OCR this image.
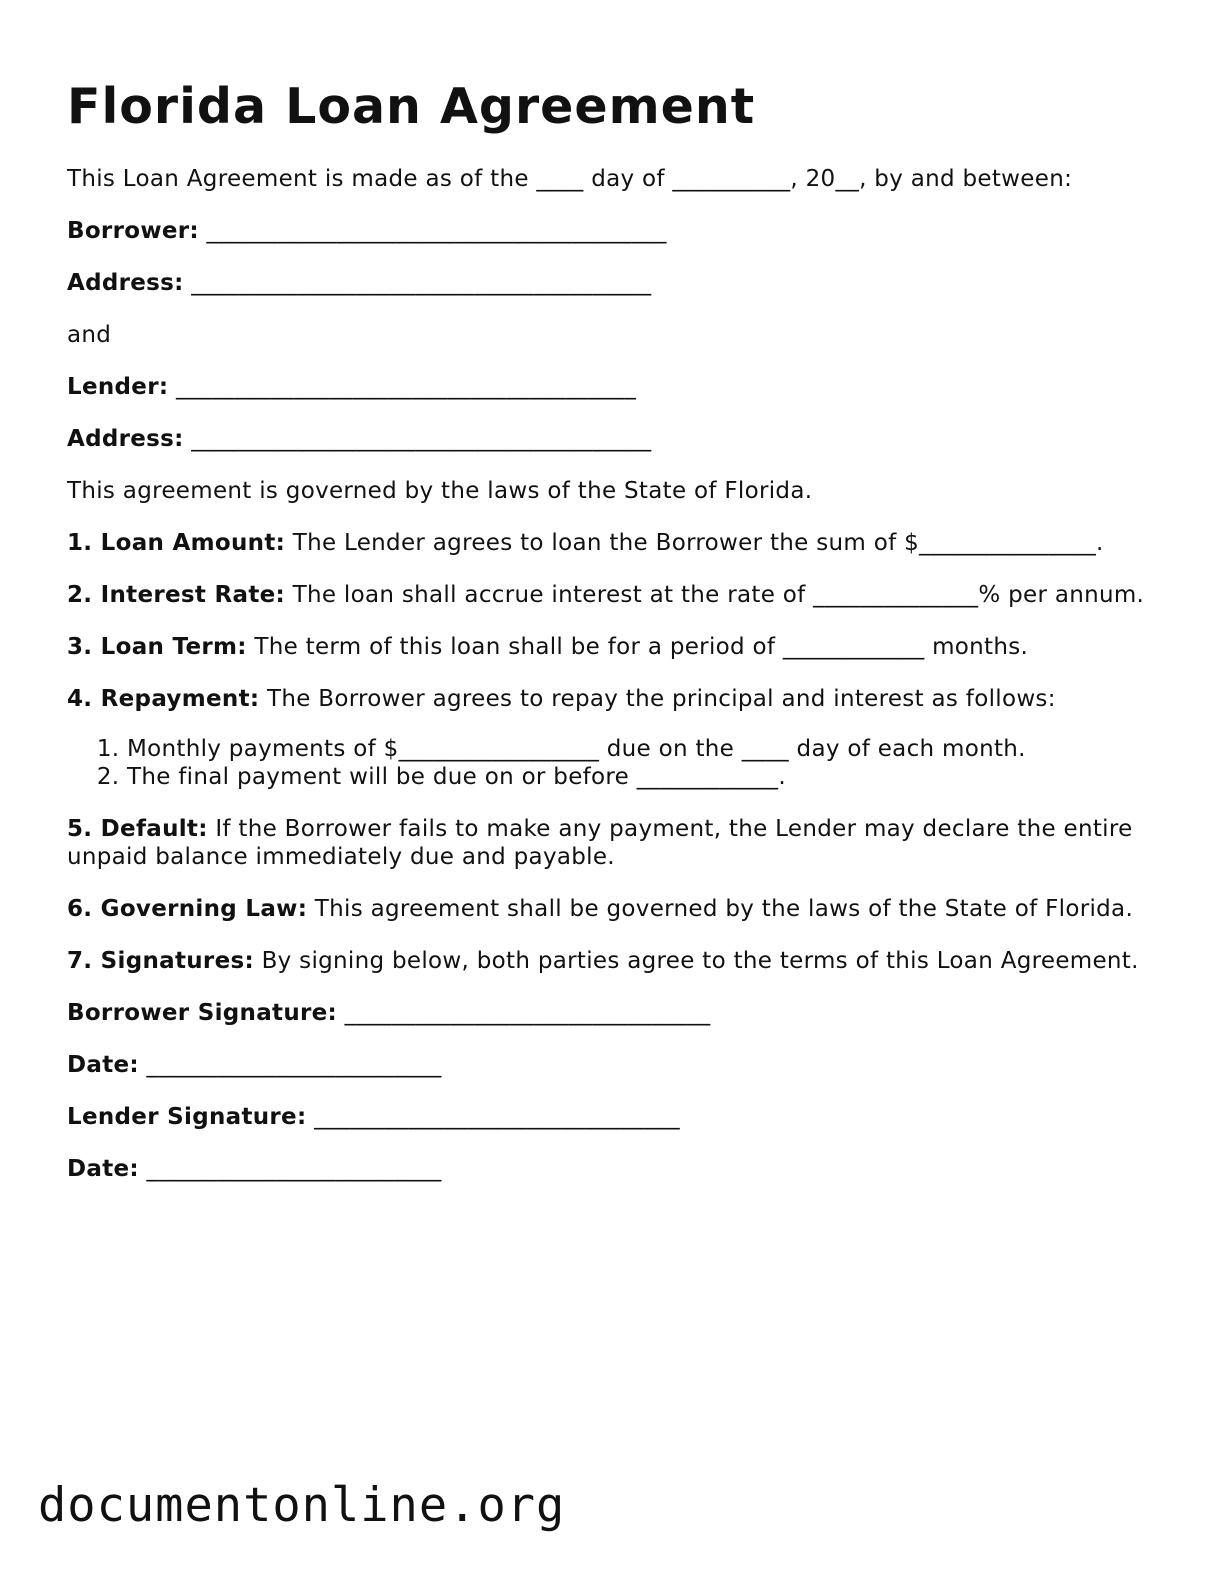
Florida Loan Agreement

This Loan Agreement is made as of the ____ day of __________, 20__, by and between:

Borrower: _______________________________________

Address: _______________________________________

and

Lender: _______________________________________

Address: _______________________________________

This agreement is governed by the laws of the State of Florida.

1. Loan Amount: The Lender agrees to loan the Borrower the sum of $_______________.

2. Interest Rate: The loan shall accrue interest at the rate of ______________% per annum.

3. Loan Term: The term of this loan shall be for a period of ____________ months.

4. Repayment: The Borrower agrees to repay the principal and interest as follows:

1. Monthly payments of $_________________ due on the ____ day of each month.
2. The final payment will be due on or before ____________.

5. Default: If the Borrower fails to make any payment, the Lender may declare the entire unpaid balance immediately due and payable.

6. Governing Law: This agreement shall be governed by the laws of the State of Florida.

7. Signatures: By signing below, both parties agree to the terms of this Loan Agreement.

Borrower Signature: _______________________________

Date: _________________________

Lender Signature: _______________________________

Date: _________________________

documentonline.org
